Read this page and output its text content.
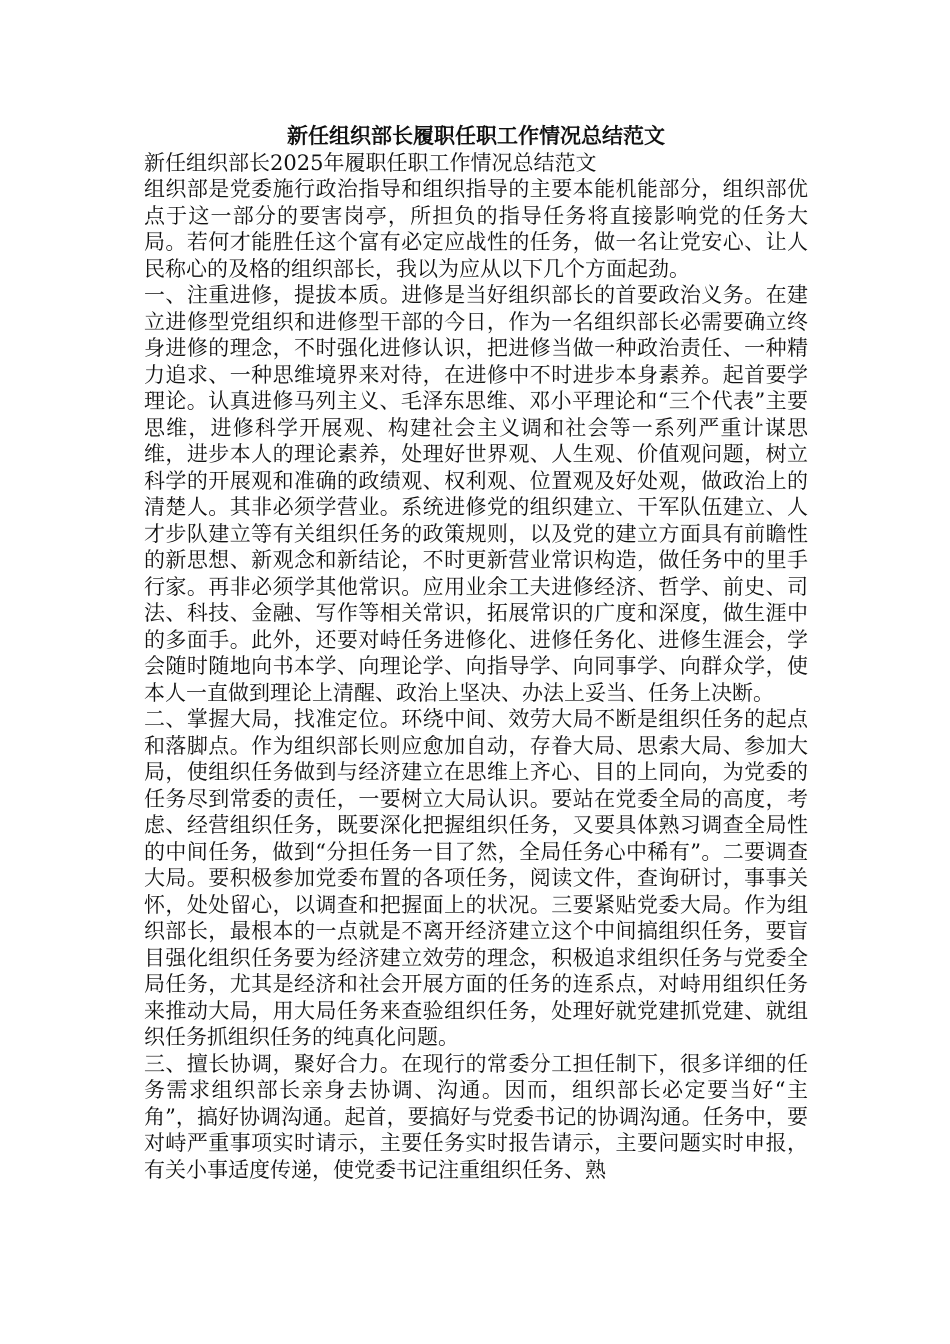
新任组织部长履职任职工作情况总结范文

新任组织部长2025年履职任职工作情况总结范文

组织部是党委施行政治指导和组织指导的主要本能机能部分，组织部优点于这一部分的要害岗亭，所担负的指导任务将直接影响党的任务大局。若何才能胜任这个富有必定应战性的任务，做一名让党安心、让人民称心的及格的组织部长，我以为应从以下几个方面起劲。

一、注重进修，提拔本质。进修是当好组织部长的首要政治义务。在建立进修型党组织和进修型干部的今日，作为一名组织部长必需要确立终身进修的理念，不时强化进修认识，把进修当做一种政治责任、一种精力追求、一种思维境界来对待，在进修中不时进步本身素养。起首要学理论。认真进修马列主义、毛泽东思维、邓小平理论和“三个代表”主要思维，进修科学开展观、构建社会主义调和社会等一系列严重计谋思维，进步本人的理论素养，处理好世界观、人生观、价值观问题，树立科学的开展观和准确的政绩观、权利观、位置观及好处观，做政治上的清楚人。其非必须学营业。系统进修党的组织建立、干军队伍建立、人才步队建立等有关组织任务的政策规则，以及党的建立方面具有前瞻性的新思想、新观念和新结论，不时更新营业常识构造，做任务中的里手行家。再非必须学其他常识。应用业余工夫进修经济、哲学、前史、司法、科技、金融、写作等相关常识，拓展常识的广度和深度，做生涯中的多面手。此外，还要对峙任务进修化、进修任务化、进修生涯会，学会随时随地向书本学、向理论学、向指导学、向同事学、向群众学，使本人一直做到理论上清醒、政治上坚决、办法上妥当、任务上决断。

二、掌握大局，找准定位。环绕中间、效劳大局不断是组织任务的起点和落脚点。作为组织部长则应愈加自动，存眷大局、思索大局、参加大局，使组织任务做到与经济建立在思维上齐心、目的上同向，为党委的任务尽到常委的责任，一要树立大局认识。要站在党委全局的高度，考虑、经营组织任务，既要深化把握组织任务，又要具体熟习调查全局性的中间任务，做到“分担任务一目了然，全局任务心中稀有”。二要调查大局。要积极参加党委布置的各项任务，阅读文件，查询研讨，事事关怀，处处留心，以调查和把握面上的状况。三要紧贴党委大局。作为组织部长，最根本的一点就是不离开经济建立这个中间搞组织任务，要盲目强化组织任务要为经济建立效劳的理念，积极追求组织任务与党委全局任务，尤其是经济和社会开展方面的任务的连系点，对峙用组织任务来推动大局，用大局任务来查验组织任务，处理好就党建抓党建、就组织任务抓组织任务的纯真化问题。

三、擅长协调，聚好合力。在现行的常委分工担任制下，很多详细的任务需求组织部长亲身去协调、沟通。因而，组织部长必定要当好“主角”，搞好协调沟通。起首，要搞好与党委书记的协调沟通。任务中，要对峙严重事项实时请示，主要任务实时报告请示，主要问题实时申报，有关小事适度传递，使党委书记注重组织任务、熟
